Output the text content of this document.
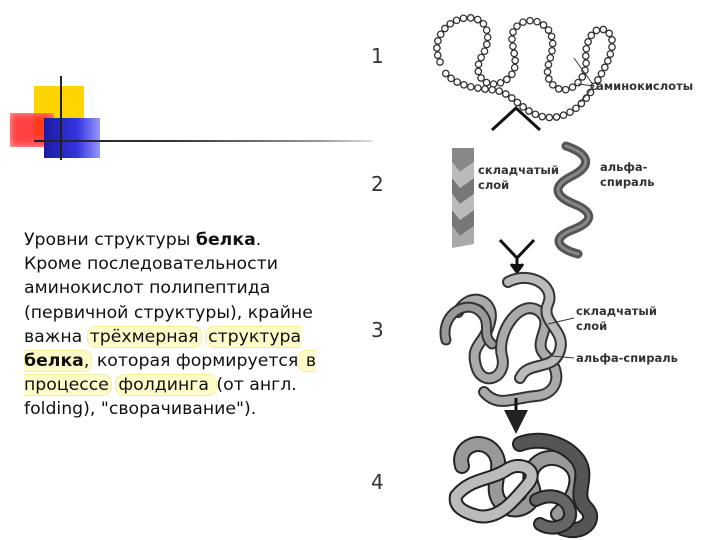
Уровни структуры белка. Кроме последовательности аминокислот полипептида (первичной структуры), крайне важна трёхмерная структура белка, которая формируется в процессе фолдинга (от англ. folding), "сворачивание").
1
2
3
4
аминокислоты
складчатый
слой
альфа-
спираль
складчатый
слой
альфа-спираль
